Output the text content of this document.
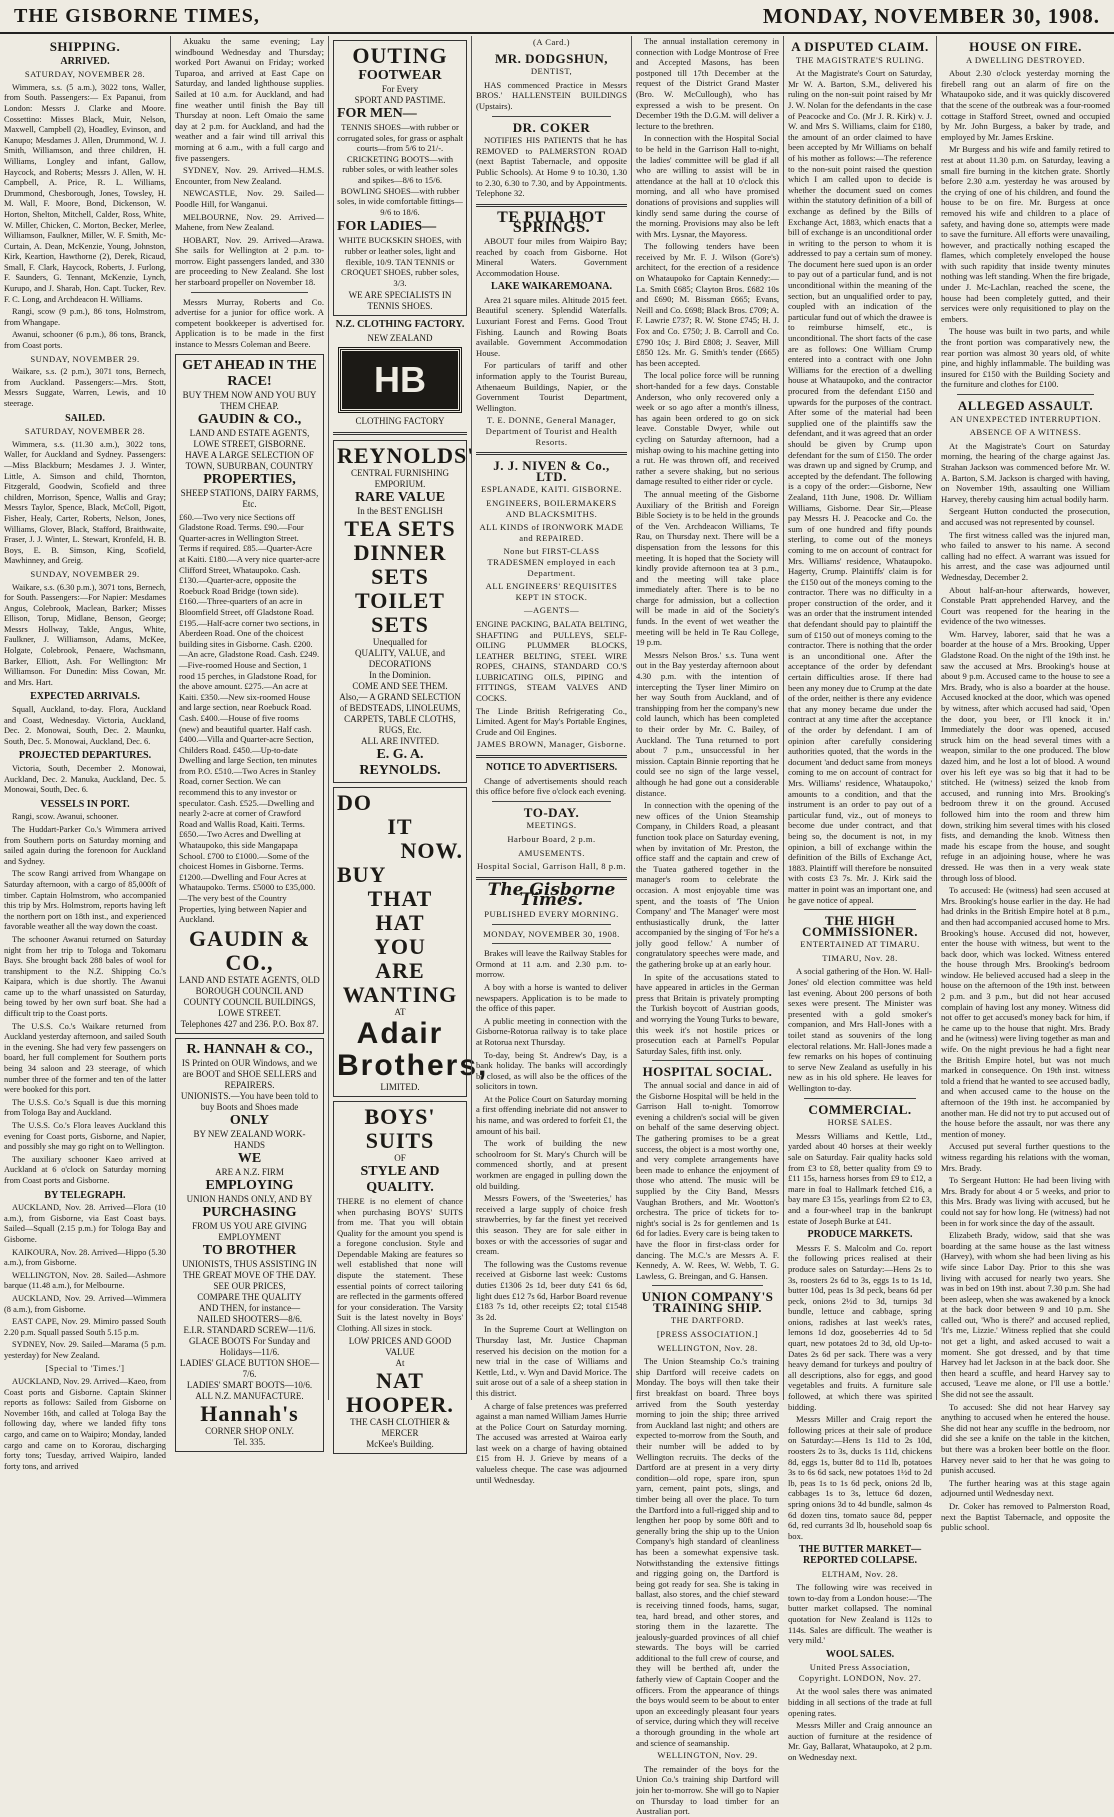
THE GISBORNE TIMES,	MONDAY, NOVEMBER 30, 1908.
SHIPPING.
ARRIVED.
SATURDAY, NOVEMBER 28.

Wimmera, s.s. (5 a.m.), 3022 tons, Waller, from South. Passengers:— Ex Papanui, from London: Messrs J. Clarke and Moore. Cossettino: Misses Black, Muir, Nelson, Maxwell, Campbell (2), Hoadley, Evinson, and Kanupo; Mesdames J. Allen, Drummond, W. J. Smith, Williamson, and three children, H. Williams, Longley and infant, Gallow, Haycock, and Roberts; Messrs J. Allen, W. H. Campbell, A. Price, R. L. Williams, Drummond, Chesborough, Jones, Towsley, H. M. Wall, F. Moore, Bond, Dickenson, W. Horton, Shelton, Mitchell, Calder, Ross, White, W. Miller, Chicken, C. Morton, Becker, Merlee, Williamson, Faulkner, Miller, W. F. Smith, Mc-Curtain, A. Dean, McKenzie, Young, Johnston, Kirk, Keartion, Hawthorne (2), Derek, Ricaud, Small, F. Clark, Haycock, Roberts, J. Furlong, F. Saunders, G. Tennant, McKenzie, Lynch, Kurupo, and J. Sharab, Hon. Capt. Tucker, Rev. F. C. Long, and Archdeacon H. Williams.

Rangi, scow (9 p.m.), 86 tons, Holmstrom, from Whangape.

Awanui, schooner (6 p.m.), 86 tons, Branck, from Coast ports.

SUNDAY, NOVEMBER 29.

Waikare, s.s. (2 p.m.), 3071 tons, Bernech, from Auckland. Passengers:—Mrs. Stott, Messrs Suggate, Warren, Lewis, and 10 steerage.

SAILED.
SATURDAY, NOVEMBER 28.

Wimmera, s.s. (11.30 a.m.), 3022 tons, Waller, for Auckland and Sydney. Passengers:—Miss Blackburn; Mesdames J. J. Winter, Little, A. Simson and child, Thornton, Fitzgerald, Goodwin, Scofield and three children, Morrison, Spence, Wallis and Gray; Messrs Taylor, Spence, Black, McColl, Pigott, Fisher, Healy, Carter, Roberts, Nelson, Jones, Williams, Glover, Black, Stafford, Braithwaite, Fraser, J. J. Winter, L. Stewart, Kronfeld, H. B. Boys, E. B. Simson, King, Scofield, Mawhinney, and Greig.

SUNDAY, NOVEMBER 29.

Waikare, s.s. (6.30 p.m.), 3071 tons, Bernech, for South. Passengers:—For Napier: Mesdames Angus, Colebrook, Maclean, Barker; Misses Ellison, Torup, Midlane, Benson, George; Messrs Hollway, Takle, Angus, White, Faulkner, J. Williamson, Adams, McKee, Holgate, Colebrook, Penaere, Wachsmann, Barker, Elliott, Ash. For Wellington: Mr Williamson. For Dunedin: Miss Cowan, Mr. and Mrs. Hart.

EXPECTED ARRIVALS.

Squall, Auckland, to-day. Flora, Auckland and Coast, Wednesday. Victoria, Auckland, Dec. 2. Monowai, South, Dec. 2. Maunku, South, Dec. 5. Monowai, Auckland, Dec. 6.

PROJECTED DEPARTURES.

Victoria, South, December 2. Monowai, Auckland, Dec. 2. Manuka, Auckland, Dec. 5. Monowai, South, Dec. 6.

VESSELS IN PORT.

Rangi, scow. Awanui, schooner.

The Huddart-Parker Co.'s Wimmera arrived from Southern ports on Saturday morning and sailed again during the forenoon for Auckland and Sydney.

The scow Rangi arrived from Whangape on Saturday afternoon, with a cargo of 85,000ft of timber. Captain Holmstrom, who accompanied this trip by Mrs. Holmstrom, reports having left the northern port on 18th inst., and experienced favorable weather all the way down the coast.

The schooner Awanui returned on Saturday night from her trip to Tologa and Tokomaru Bays. She brought back 288 bales of wool for transhipment to the N.Z. Shipping Co.'s Kaipara, which is due shortly. The Awanui came up to the wharf unassisted on Saturday, being towed by her own surf boat. She had a difficult trip to the Coast ports.

The U.S.S. Co.'s Waikare returned from Auckland yesterday afternoon, and sailed South in the evening. She had very few passengers on board, her full complement for Southern ports being 34 saloon and 23 steerage, of which number three of the former and ten of the latter were booked for this port.

The U.S.S. Co.'s Squall is due this morning from Tologa Bay and Auckland.

The U.S.S. Co.'s Flora leaves Auckland this evening for Coast ports, Gisborne, and Napier, and possibly she may go right on to Wellington.

The auxiliary schooner Kaeo arrived at Auckland at 6 o'clock on Saturday morning from Coast ports and Gisborne.

BY TELEGRAPH.

AUCKLAND, Nov. 28. Arrived—Flora (10 a.m.), from Gisborne, via East Coast bays. Sailed—Squall (2.15 p.m.) for Tologa Bay and Gisborne.

KAIKOURA, Nov. 28. Arrived—Hippo (5.30 a.m.), from Gisborne.

WELLINGTON, Nov. 28. Sailed—Ashmore barque (11.48 a.m.), for Melbourne.

AUCKLAND, Nov. 29. Arrived—Wimmera (8 a.m.), from Gisborne.

EAST CAPE, Nov. 29. Mimiro passed South 2.20 p.m. Squall passed South 5.15 p.m.

SYDNEY, Nov. 29. Sailed—Marama (5 p.m. yesterday) for New Zealand.

[Special to 'Times.']

AUCKLAND, Nov. 29. Arrived—Kaeo, from Coast ports and Gisborne. Captain Skinner reports as follows: Sailed from Gisborne on November 16th, and called at Tologa Bay the following day, where we landed fifty tons cargo, and came on to Waipiro; Monday, landed cargo and came on to Kororau, discharging forty tons; Tuesday, arrived Waipiro, landed forty tons, and arrived

Akuaku the same evening; Lay windbound Wednesday and Thursday; worked Port Awanui on Friday; worked Tuparoa, and arrived at East Cape on Saturday, and landed lighthouse supplies. Sailed at 10 a.m. for Auckland, and had fine weather until finish the Bay till Thursday at noon. Left Omaio the same day at 2 p.m. for Auckland, and had the weather and a fair wind till arrival this morning at 6 a.m., with a full cargo and five passengers.

SYDNEY, Nov. 29. Arrived—H.M.S. Encounter, from New Zealand.

NEWCASTLE, Nov. 29. Sailed—Poodle Hill, for Wanganui.

MELBOURNE, Nov. 29. Arrived—Mahene, from New Zealand.

HOBART, Nov. 29. Arrived—Arawa. She sails for Wellington at 2 p.m. to-morrow. Eight passengers landed, and 330 are proceeding to New Zealand. She lost her starboard propeller on November 18.

Messrs Murray, Roberts and Co. advertise for a junior for office work. A competent bookkeeper is advertised for. Application is to be made in the first instance to Messrs Coleman and Beere.

GET AHEAD IN THE RACE!
BUY THEM NOW AND YOU BUY THEM CHEAP.
GAUDIN & CO.,
LAND AND ESTATE AGENTS, LOWE STREET, GISBORNE.
HAVE A LARGE SELECTION OF
TOWN, SUBURBAN, COUNTRY
PROPERTIES,
SHEEP STATIONS, DAIRY FARMS, Etc.

£60.—Two very nice Sections off Gladstone Road. Terms. £90.—Four Quarter-acres in Wellington Street. Terms if required. £85.—Quarter-Acre at Kaiti. £180.—A very nice quarter-acre Clifford Street, Whataupoko. Cash. £130.—Quarter-acre, opposite the Roebuck Road Bridge (town side). £160.—Three-quarters of an acre in Bloomfield Street, off Gladstone Road. £195.—Half-acre corner two sections, in Aberdeen Road. One of the choicest building sites in Gisborne. Cash. £200.—An acre, Gladstone Road. Cash. £249.—Five-roomed House and Section, 1 rood 15 perches, in Gladstone Road, for the above amount. £275.—An acre at Kaiti. £350.—New six-roomed House and large section, near Roebuck Road. Cash. £400.—House of five rooms (new) and beautiful quarter. Half cash. £400.—Villa and Quarter-acre Section, Childers Road. £450.—Up-to-date Dwelling and large Section, ten minutes from P.O. £510.—Two Acres in Stanley Road, corner Section. We can recommend this to any investor or speculator. Cash. £525.—Dwelling and nearly 2-acre at corner of Crawford Road and Wallis Road, Kaiti. Terms. £650.—Two Acres and Dwelling at Whataupoko, this side Mangapapa School. £700 to £1000.—Some of the choicest Homes in Gisborne. Terms. £1200.—Dwelling and Four Acres at Whataupoko. Terms. £5000 to £35,000.—The very best of the Country Properties, lying between Napier and Auckland.

GAUDIN & CO.,
LAND AND ESTATE AGENTS, OLD BOROUGH COUNCIL AND COUNTY COUNCIL BUILDINGS, LOWE STREET.
Telephones 427 and 236. P.O. Box 87.
R. HANNAH & CO.,
IS Printed on OUR Windows, and we are BOOT and SHOE SELLERS and REPAIRERS.
UNIONISTS.—You have been told to buy Boots and Shoes made
ONLY
BY NEW ZEALAND WORK-HANDS
WE
ARE A N.Z. FIRM
EMPLOYING
UNION HANDS ONLY, AND BY
PURCHASING
FROM US YOU ARE GIVING EMPLOYMENT
TO BROTHER
UNIONISTS, THUS ASSISTING IN THE GREAT MOVE OF THE DAY.
SEE OUR PRICES,
COMPARE THE QUALITY
AND THEN, for instance—
NAILED SHOOTERS—8/6.
E.I.R. STANDARD SCREW—11/6.
GLACE BOOTS For Sunday and Holidays—11/6.
LADIES' GLACE BUTTON SHOE—7/6.
LADIES' SMART BOOTS—10/6.
ALL N.Z. MANUFACTURE.
Hannah's
CORNER SHOP ONLY.
Tel. 335.
OUTING
FOOTWEAR
For Every
SPORT AND PASTIME.
FOR MEN—

TENNIS SHOES—with rubber or corrugated soles, for grass or asphalt courts—from 5/6 to 21/-. CRICKETING BOOTS—with rubber soles, or with leather soles and spikes—8/6 to 15/6. BOWLING SHOES—with rubber soles, in wide comfortable fittings—9/6 to 18/6.

FOR LADIES—

WHITE BUCKSKIN SHOES, with rubber or leather soles, light and flexible, 10/9. TAN TENNIS or CROQUET SHOES, rubber soles, 3/3.

WE ARE SPECIALISTS IN TENNIS SHOES.
N.Z. CLOTHING FACTORY.
NEW ZEALAND
HB
CLOTHING FACTORY
REYNOLDS'
CENTRAL FURNISHING EMPORIUM.
RARE VALUE
In the BEST ENGLISH
TEA SETS
DINNER SETS
TOILET SETS
Unequalled for
QUALITY, VALUE, and DECORATIONS
In the Dominion.
COME AND SEE THEM.
Also,— A GRAND SELECTION of BEDSTEADS, LINOLEUMS, CARPETS, TABLE CLOTHS, RUGS, Etc.
ALL ARE INVITED.
E. G. A. REYNOLDS.
DO
IT
NOW.
BUY
THAT
HAT
YOU
ARE
WANTING
AT
Adair
Brothers,
LIMITED.
BOYS' SUITS
OF
STYLE AND QUALITY.

THERE is no element of chance when purchasing BOYS' SUITS from me. That you will obtain Quality for the amount you spend is a foregone conclusion. Style and Dependable Making are features so well established that none will dispute the statement. These essential points of correct tailoring are reflected in the garments offered for your consideration. The Varsity Suit is the latest novelty in Boys' Clothing. All sizes in stock.

LOW PRICES AND GOOD VALUE
At
NAT HOOPER.
THE CASH CLOTHIER & MERCER
McKee's Building.
(A Card.)
MR. DODGSHUN,
DENTIST,

HAS commenced Practice in Messrs BROS.' HALLENSTEIN BUILDINGS (Upstairs).

DR. COKER

NOTIFIES HIS PATIENTS that he has REMOVED to PALMERSTON ROAD (next Baptist Tabernacle, and opposite Public Schools). At Home 9 to 10.30, 1.30 to 2.30, 6.30 to 7.30, and by Appointments. Telephone 32.

TE PUIA HOT SPRINGS.

ABOUT four miles from Waipiro Bay; reached by coach from Gisborne. Hot Mineral Waters. Government Accommodation House.

LAKE WAIKAREMOANA.

Area 21 square miles. Altitude 2015 feet. Beautiful scenery. Splendid Waterfalls. Luxuriant Forest and Ferns. Good Trout Fishing. Launch and Rowing Boats available. Government Accommodation House.

For particulars of tariff and other information apply to the Tourist Bureau, Athenaeum Buildings, Napier, or the Government Tourist Department, Wellington.

T. E. DONNE, General Manager, Department of Tourist and Health Resorts.
J. J. NIVEN & Co., LTD.
ESPLANADE, KAITI. GISBORNE.
ENGINEERS, BOILERMAKERS AND BLACKSMITHS.
ALL KINDS of IRONWORK MADE and REPAIRED.
None but FIRST-CLASS TRADESMEN employed in each Department.
ALL ENGINEERS' REQUISITES KEPT IN STOCK.
—AGENTS—

ENGINE PACKING, BALATA BELTING, SHAFTING and PULLEYS, SELF-OILING PLUMMER BLOCKS, LEATHER BELTING, STEEL WIRE ROPES, CHAINS, STANDARD CO.'S LUBRICATING OILS, PIPING and FITTINGS, STEAM VALVES AND COCKS.

The Linde British Refrigerating Co., Limited. Agent for May's Portable Engines, Crude and Oil Engines.

JAMES BROWN, Manager, Gisborne.
NOTICE TO ADVERTISERS.

Change of advertisements should reach this office before five o'clock each evening.

TO-DAY.
MEETINGS.
Harbour Board, 2 p.m.
AMUSEMENTS.
Hospital Social, Garrison Hall, 8 p.m.
The Gisborne Times.
PUBLISHED EVERY MORNING.
MONDAY, NOVEMBER 30, 1908.

Brakes will leave the Railway Stables for Ormond at 11 a.m. and 2.30 p.m. to-morrow.

A boy with a horse is wanted to deliver newspapers. Application is to be made to the office of this paper.

A public meeting in connection with the Gisborne-Rotorua railway is to take place at Rotorua next Thursday.

To-day, being St. Andrew's Day, is a bank holiday. The banks will accordingly be closed, as will also be the offices of the solicitors in town.

At the Police Court on Saturday morning a first offending inebriate did not answer to his name, and was ordered to forfeit £1, the amount of his bail.

The work of building the new schoolroom for St. Mary's Church will be commenced shortly, and at present workmen are engaged in pulling down the old building.

Messrs Fowers, of the 'Sweeteries,' has received a large supply of choice fresh strawberries, by far the finest yet received this season. They are for sale either in boxes or with the accessories of sugar and cream.

The following was the Customs revenue received at Gisborne last week: Customs duties £1306 2s 1d, beer duty £41 6s 6d, light dues £12 7s 6d, Harbor Board revenue £183 7s 1d, other receipts £2; total £1548 3s 2d.

In the Supreme Court at Wellington on Thursday last, Mr. Justice Chapman reserved his decision on the motion for a new trial in the case of Williams and Kettle, Ltd., v. Wyn and David Morice. The suit arose out of a sale of a sheep station in this district.

A charge of false pretences was preferred against a man named William James Hurrie at the Police Court on Saturday morning. The accused was arrested at Wairoa early last week on a charge of having obtained £15 from H. J. Grieve by means of a valueless cheque. The case was adjourned until Wednesday.

The annual installation ceremony in connection with Lodge Montrose of Free and Accepted Masons, has been postponed till 17th December at the request of the District Grand Master (Bro. W. McCullough), who has expressed a wish to be present. On December 19th the D.G.M. will deliver a lecture to the brethren.

In connection with the Hospital Social to be held in the Garrison Hall to-night, the ladies' committee will be glad if all who are willing to assist will be in attendance at the hall at 10 o'clock this morning, and all who have promised donations of provisions and supplies will kindly send same during the course of the morning. Provisions may also be left with Mrs. Lysnar, the Mayoress.

The following tenders have been received by Mr. F. J. Wilson (Gore's) architect, for the erection of a residence on Whataupoko for Captain Kennedy:—La. Smith £685; Clayton Bros. £682 10s and £690; M. Bissman £665; Evans, Neill and Co. £698; Black Bros. £709; A. F. Lawrie £737; R. W. Stone £745; H. J. Fox and Co. £750; J. B. Carroll and Co. £790 10s; J. Bird £808; J. Seaver, Mill £850 12s. Mr. G. Smith's tender (£665) has been accepted.

The local police force will be running short-handed for a few days. Constable Anderson, who only recovered only a week or so ago after a month's illness, has again been ordered to go on sick leave. Constable Dwyer, while out cycling on Saturday afternoon, had a mishap owing to his machine getting into a rut. He was thrown off, and received rather a severe shaking, but no serious damage resulted to either rider or cycle.

The annual meeting of the Gisborne Auxiliary of the British and Foreign Bible Society is to be held in the grounds of the Ven. Archdeacon Williams, Te Rau, on Thursday next. There will be a dispensation from the lessons for this meeting. It is hoped that the Society will kindly provide afternoon tea at 3 p.m., and the meeting will take place immediately after. There is to be no charge for admission, but a collection will be made in aid of the Society's funds. In the event of wet weather the meeting will be held in Te Rau College, 19 p.m.

Messrs Nelson Bros.' s.s. Tuna went out in the Bay yesterday afternoon about 4.30 p.m. with the intention of intercepting the Tyser liner Mimiro on her way South from Auckland, and of transhipping from her the company's new cold launch, which has been completed to their order by Mr. C. Bailey, of Auckland. The Tuna returned to port about 7 p.m., unsuccessful in her mission. Captain Binnie reporting that he could see no sign of the large vessel, although he had gone out a considerable distance.

In connection with the opening of the new offices of the Union Steamship Company, in Childers Road, a pleasant function took place on Saturday evening, when by invitation of Mr. Preston, the office staff and the captain and crew of the Tuatea gathered together in the manager's room to celebrate the occasion. A most enjoyable time was spent, and the toasts of 'The Union Company' and 'The Manager' were most enthusiastically drunk, the latter accompanied by the singing of 'For he's a jolly good fellow.' A number of congratulatory speeches were made, and the gathering broke up at an early hour.

In spite of the accusations stated to have appeared in articles in the German press that Britain is privately prompting the Turkish boycott of Austrian goods, and worrying the Young Turks to beware, this week it's not hostile prices or prosecution each at Parnell's Popular Saturday Sales, fifth inst. only.

HOSPITAL SOCIAL.

The annual social and dance in aid of the Gisborne Hospital will be held in the Garrison Hall to-night. Tomorrow evening a children's social will be given on behalf of the same deserving object. The gathering promises to be a great success, the object is a most worthy one, and very complete arrangements have been made to enhance the enjoyment of those who attend. The music will be supplied by the City Band, Messrs Vaughan Brothers, and Mr. Wootton's orchestra. The price of tickets for to-night's social is 2s for gentlemen and 1s 6d for ladies. Every care is being taken to have the floor in first-class order for dancing. The M.C.'s are Messrs A. F. Kennedy, A. W. Rees, W. Webb, T. G. Lawless, G. Breingan, and G. Hansen.

UNION COMPANY'S TRAINING SHIP.
THE DARTFORD.
[PRESS ASSOCIATION.]
WELLINGTON, Nov. 28.

The Union Steamship Co.'s training ship Dartford will receive cadets on Monday. The boys will then take their first breakfast on board. Three boys arrived from the South yesterday morning to join the ship; three arrived from Auckland last night; and others are expected to-morrow from the South, and their number will be added to by Wellington recruits. The decks of the Dartford are at present in a very dirty condition—old rope, spare iron, spun yarn, cement, paint pots, slings, and timber being all over the place. To turn the Dartford into a full-rigged ship and to lengthen her poop by some 80ft and to generally bring the ship up to the Union Company's high standard of cleanliness has been a somewhat expensive task. Notwithstanding the extensive fittings and rigging going on, the Dartford is being got ready for sea. She is taking in ballast, also stores, and the chief steward is receiving tinned foods, hams, sugar, tea, hard bread, and other stores, and storing them in the lazarette. The jealously-guarded provinces of all chief stewards. The boys will be carried additional to the full crew of course, and they will be berthed aft, under the fatherly view of Captain Cooper and the officers. From the appearance of things the boys would seem to be about to enter upon an exceedingly pleasant four years of service, during which they will receive a thorough grounding in the whole art and science of seamanship.

WELLINGTON, Nov. 29.

The remainder of the boys for the Union Co.'s training ship Dartford will join her to-morrow. She will go to Napier on Thursday to load timber for an Australian port.

A DISPUTED CLAIM.
THE MAGISTRATE'S RULING.

At the Magistrate's Court on Saturday, Mr W. A. Barton, S.M., delivered his ruling on the non-suit point raised by Mr J. W. Nolan for the defendants in the case of Peacocke and Co. (Mr J. R. Kirk) v. J. W. and Mrs S. Williams, claim for £180, the amount of an order claimed to have been accepted by Mr Williams on behalf of his mother as follows:—The reference to the non-suit point raised the question which I am called upon to decide is whether the document sued on comes within the statutory definition of a bill of exchange as defined by the Bills of Exchange Act, 1883, which enacts that a bill of exchange is an unconditional order in writing to the person to whom it is addressed to pay a certain sum of money. The document here sued upon is an order to pay out of a particular fund, and is not unconditional within the meaning of the section, but an unqualified order to pay, coupled with an indication of the particular fund out of which the drawee is to reimburse himself, etc., is unconditional. The short facts of the case are as follows: One William Crump entered into a contract with one John Williams for the erection of a dwelling house at Whataupoko, and the contractor procured from the defendant £150 and upwards for the purposes of the contract. After some of the material had been supplied one of the plaintiffs saw the defendant, and it was agreed that an order should be given by Crump upon defendant for the sum of £150. The order was drawn up and signed by Crump, and accepted by the defendant. The following is a copy of the order:—Gisborne, New Zealand, 11th June, 1908. Dr. William Williams, Gisborne. Dear Sir,—Please pay Messrs H. J. Peacocke and Co. the sum of one hundred and fifty pounds sterling, to come out of the moneys coming to me on account of contract for Mrs. Williams' residence, Whataupoko. Hagerty, Crump. Plaintiffs' claim is for the £150 out of the moneys coming to the contractor. There was no difficulty in a proper construction of the order, and it was an order that the instrument intended that defendant should pay to plaintiff the sum of £150 out of moneys coming to the contractor. There is nothing that the order is an unconditional one. After the acceptance of the order by defendant certain difficulties arose. If there had been any money due to Crump at the date of the order, neither is there any evidence that any money became due under the contract at any time after the acceptance of the order by defendant. I am of opinion after carefully considering authorities quoted, that the words in the document 'and deduct same from moneys coming to me on account of contract for Mrs. Williams' residence, Whataupoko,' amounts to a condition, and that the instrument is an order to pay out of a particular fund, viz., out of moneys to become due under contract, and that being so, the document is not, in my opinion, a bill of exchange within the definition of the Bills of Exchange Act, 1883. Plaintiff will therefore be nonsuited with costs £3 7s. Mr. J. Kirk said the matter in point was an important one, and he gave notice of appeal.

THE HIGH COMMISSIONER.
ENTERTAINED AT TIMARU.
TIMARU, Nov. 28.

A social gathering of the Hon. W. Hall-Jones' old election committee was held last evening. About 200 persons of both sexes were present. The Minister was presented with a gold smoker's companion, and Mrs Hall-Jones with a toilet stand as souvenirs of the long electoral relations. Mr. Hall-Jones made a few remarks on his hopes of continuing to serve New Zealand as usefully in his new as in his old sphere. He leaves for Wellington to-day.

COMMERCIAL.
HORSE SALES.

Messrs Williams and Kettle, Ltd., yarded about 40 horses at their weekly sale on Saturday. Fair quality hacks sold from £3 to £8, better quality from £9 to £11 15s, harness horses from £9 to £12, a mare in foal to Hallmark fetched £16, a bay mare £3 15s, yearlings from £2 to £3, and a four-wheel trap in the bankrupt estate of Joseph Burke at £41.

PRODUCE MARKETS.

Messrs F. S. Malcolm and Co. report the following prices realised at their produce sales on Saturday:—Hens 2s to 3s, roosters 2s 6d to 3s, eggs 1s to 1s 1d, butter 10d, peas 1s 3d peck, beans 6d per peck, onions 2½d to 3d, turnips 3d bundle, lettuce and cabbage, spring onions, radishes at last week's rates, lemons 1d doz, gooseberries 4d to 5d quart, new potatoes 2d to 3d, old Up-to-Dates 2s 6d per sack. There was a very heavy demand for turkeys and poultry of all descriptions, also for eggs, and good vegetables and fruits. A furniture sale followed, at which there was spirited bidding.

Messrs Miller and Craig report the following prices at their sale of produce on Saturday:—Hens 1s 11d to 2s 10d, roosters 2s to 3s, ducks 1s 11d, chickens 8d, eggs 1s, butter 8d to 11d lb, potatoes 3s to 6s 6d sack, new potatoes 1½d to 2d lb, peas 1s to 1s 6d peck, onions 2d lb, cabbages 1s to 3s, lettuce 6d dozen, spring onions 3d to 4d bundle, salmon 4s 6d dozen tins, tomato sauce 8d, pepper 6d, red currants 3d lb, household soap 6s box.

THE BUTTER MARKET—REPORTED COLLAPSE.
ELTHAM, Nov. 28.

The following wire was received in town to-day from a London house:—'The butter market collapsed. The nominal quotation for New Zealand is 112s to 114s. Sales are difficult. The weather is very mild.'

WOOL SALES.
United Press Association, Copyright. LONDON, Nov. 27.

At the wool sales there was animated bidding in all sections of the trade at full opening rates.

Messrs Miller and Craig announce an auction of furniture at the residence of Mr. Gay, Ballarat, Whataupoko, at 2 p.m. on Wednesday next.

HOUSE ON FIRE.
A DWELLING DESTROYED.

About 2.30 o'clock yesterday morning the firebell rang out an alarm of fire on the Whataupoko side, and it was quickly discovered that the scene of the outbreak was a four-roomed cottage in Stafford Street, owned and occupied by Mr. John Burgess, a baker by trade, and employed by Mr. James Erskine.

Mr Burgess and his wife and family retired to rest at about 11.30 p.m. on Saturday, leaving a small fire burning in the kitchen grate. Shortly before 2.30 a.m. yesterday he was aroused by the crying of one of his children, and found the house to be on fire. Mr. Burgess at once removed his wife and children to a place of safety, and having done so, attempts were made to save the furniture. All efforts were unavailing, however, and practically nothing escaped the flames, which completely enveloped the house with such rapidity that inside twenty minutes nothing was left standing. When the fire brigade, under J. Mc-Lachlan, reached the scene, the house had been completely gutted, and their services were only requisitioned to play on the embers.

The house was built in two parts, and while the front portion was comparatively new, the rear portion was almost 30 years old, of white pine, and highly inflammable. The building was insured for £150 with the Building Society and the furniture and clothes for £100.

ALLEGED ASSAULT.
AN UNEXPECTED INTERRUPTION.
ABSENCE OF A WITNESS.

At the Magistrate's Court on Saturday morning, the hearing of the charge against Jas. Strahan Jackson was commenced before Mr. W. A. Barton, S.M. Jackson is charged with having, on November 19th, assaulting one William Harvey, thereby causing him actual bodily harm.

Sergeant Hutton conducted the prosecution, and accused was not represented by counsel.

The first witness called was the injured man, who failed to answer to his name. A second calling had no effect. A warrant was issued for his arrest, and the case was adjourned until Wednesday, December 2.

About half-an-hour afterwards, however, Constable Pratt apprehended Harvey, and the Court was reopened for the hearing in the evidence of the two witnesses.

Wm. Harvey, laborer, said that he was a boarder at the house of a Mrs. Brooking, Upper Gladstone Road. On the night of the 19th inst. he saw the accused at Mrs. Brooking's house at about 9 p.m. Accused came to the house to see a Mrs. Brady, who is also a boarder at the house. Accused knocked at the door, which was opened by witness, after which accused had said, 'Open the door, you beer, or I'll knock it in.' Immediately the door was opened, accused struck him on the head several times with a weapon, similar to the one produced. The blow dazed him, and he lost a lot of blood. A wound over his left eye was so big that it had to be stitched. He (witness) seized the knob from accused, and running into Mrs. Brooking's bedroom threw it on the ground. Accused followed him into the room and threw him down, striking him several times with his closed fists, and demanding the knob. Witness then made his escape from the house, and sought refuge in an adjoining house, where he was dressed. He was then in a very weak state through loss of blood.

To accused: He (witness) had seen accused at Mrs. Brooking's house earlier in the day. He had had drinks in the British Empire hotel at 8 p.m., and then had accompanied accused home to Mrs. Brooking's house. Accused did not, however, enter the house with witness, but went to the back door, which was locked. Witness entered the house through Mrs. Brooking's bedroom window. He believed accused had a sleep in the house on the afternoon of the 19th inst. between 2 p.m. and 3 p.m., but did not hear accused complain of having lost any money. Witness did not offer to get accused's money back for him, if he came up to the house that night. Mrs. Brady and he (witness) were living together as man and wife. On the night previous he had a fight near the British Empire hotel, but was not much marked in consequence. On 19th inst. witness told a friend that he wanted to see accused badly, and when accused came to the house on the afternoon of the 19th inst. he accompanied by another man. He did not try to put accused out of the house before the assault, nor was there any mention of money.

Accused put several further questions to the witness regarding his relations with the woman, Mrs. Brady.

To Sergeant Hutton: He had been living with Mrs. Brady for about 4 or 5 weeks, and prior to this Mrs. Brady was living with accused, but he could not say for how long. He (witness) had not been in for work since the day of the assault.

Elizabeth Brady, widow, said that she was boarding at the same house as the last witness (Harvey), with whom she had been living as his wife since Labor Day. Prior to this she was living with accused for nearly two years. She was in bed on 19th inst. about 7.30 p.m. She had been asleep, when she was awakened by a knock at the back door between 9 and 10 p.m. She called out, 'Who is there?' and accused replied, 'It's me, Lizzie.' Witness replied that she could not get a light, and asked accused to wait a moment. She got dressed, and by that time Harvey had let Jackson in at the back door. She then heard a scuffle, and heard Harvey say to accused, 'Leave me alone, or I'll use a bottle.' She did not see the assault.

To accused: She did not hear Harvey say anything to accused when he entered the house. She did not hear any scuffle in the bedroom, nor did she see a knife on the table in the kitchen, but there was a broken beer bottle on the floor. Harvey never said to her that he was going to punish accused.

The further hearing was at this stage again adjourned until Wednesday next.

Dr. Coker has removed to Palmerston Road, next the Baptist Tabernacle, and opposite the public school.
